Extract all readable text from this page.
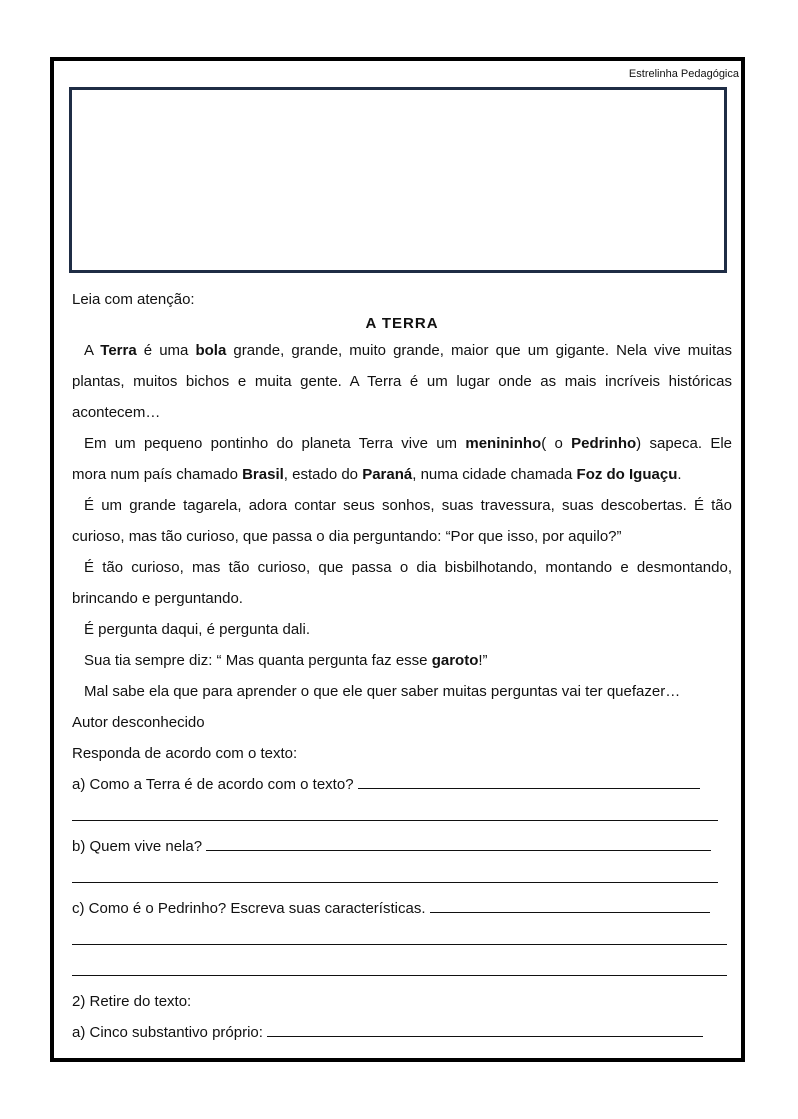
Estrelinha Pedagógica
Leia com atenção:
A TERRA
A Terra é uma bola grande, grande, muito grande, maior que um gigante. Nela vive muitas
plantas, muitos bichos e muita gente. A Terra é um lugar onde as mais incríveis históricas
acontecem…
Em um pequeno pontinho do planeta Terra vive um menininho( o Pedrinho) sapeca. Ele
mora num país chamado Brasil, estado do Paraná, numa cidade chamada Foz do Iguaçu.
É um grande tagarela, adora contar seus sonhos, suas travessura, suas descobertas. É tão
curioso, mas tão curioso, que passa o dia perguntando: “Por que isso, por aquilo?”
É tão curioso, mas tão curioso, que passa o dia bisbilhotando, montando e desmontando,
brincando e perguntando.
É pergunta daqui, é pergunta dali.
Sua tia sempre diz: “ Mas quanta pergunta faz esse garoto!”
Mal sabe ela que para aprender o que ele quer saber muitas perguntas vai ter quefazer…
Autor desconhecido
Responda de acordo com o texto:
a) Como a Terra é de acordo com o texto?
b) Quem vive nela?
c) Como é o Pedrinho? Escreva suas características.
2) Retire do texto:
a) Cinco substantivo próprio:
